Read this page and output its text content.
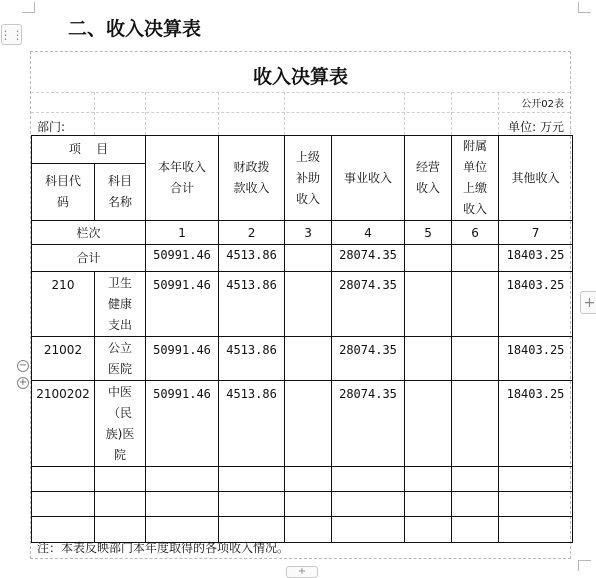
⋮⋮
+
+
−
+
二、收入决算表
收入决算表
公开02表
部门:	单位: 万元
项    目		本年收入合计	财政拨款收入	上级补助收入	事业收入	经营收入	附属单位上缴收入	其他收入

科目代码	科目名称							

栏次		1	2	3	4	5	6	7
合计		50991.46	4513.86		28074.35			18403.25
210	卫生健康支出	50991.46	4513.86		28074.35			18403.25
21002	公立医院	50991.46	4513.86		28074.35			18403.25
2100202	中医（民族)医院	50991.46	4513.86		28074.35			18403.25

注：本表反映部门本年度取得的各项收入情况。
